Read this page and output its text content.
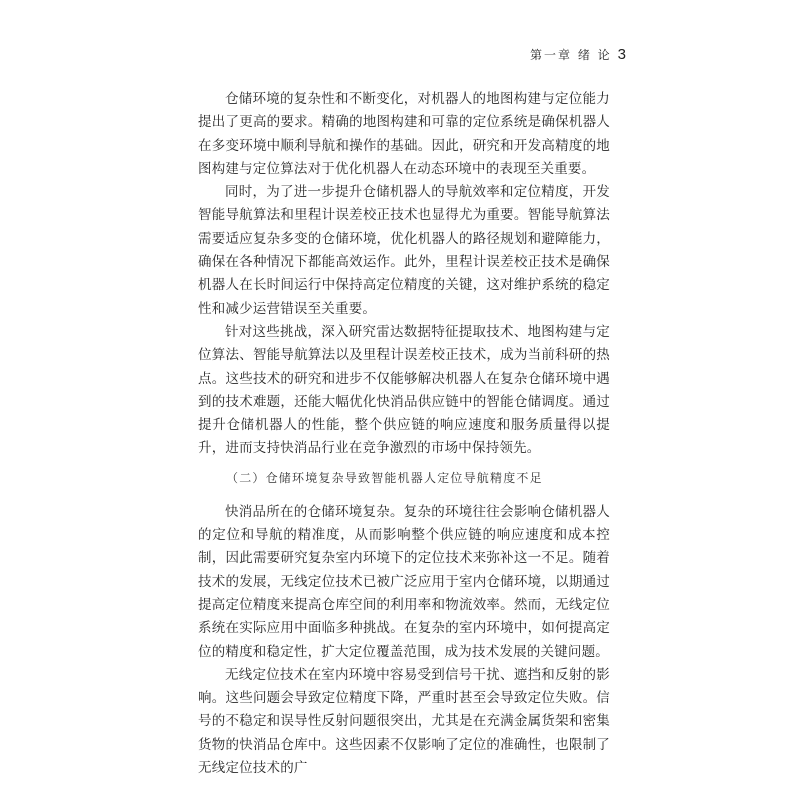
第一章 绪 论 3

仓储环境的复杂性和不断变化，对机器人的地图构建与定位能力提出了更高的要求。精确的地图构建和可靠的定位系统是确保机器人在多变环境中顺利导航和操作的基础。因此，研究和开发高精度的地图构建与定位算法对于优化机器人在动态环境中的表现至关重要。

同时，为了进一步提升仓储机器人的导航效率和定位精度，开发智能导航算法和里程计误差校正技术也显得尤为重要。智能导航算法需要适应复杂多变的仓储环境，优化机器人的路径规划和避障能力，确保在各种情况下都能高效运作。此外，里程计误差校正技术是确保机器人在长时间运行中保持高定位精度的关键，这对维护系统的稳定性和减少运营错误至关重要。

针对这些挑战，深入研究雷达数据特征提取技术、地图构建与定位算法、智能导航算法以及里程计误差校正技术，成为当前科研的热点。这些技术的研究和进步不仅能够解决机器人在复杂仓储环境中遇到的技术难题，还能大幅优化快消品供应链中的智能仓储调度。通过提升仓储机器人的性能，整个供应链的响应速度和服务质量得以提升，进而支持快消品行业在竞争激烈的市场中保持领先。

（二）仓储环境复杂导致智能机器人定位导航精度不足

快消品所在的仓储环境复杂。复杂的环境往往会影响仓储机器人的定位和导航的精准度，从而影响整个供应链的响应速度和成本控制，因此需要研究复杂室内环境下的定位技术来弥补这一不足。随着技术的发展，无线定位技术已被广泛应用于室内仓储环境，以期通过提高定位精度来提高仓库空间的利用率和物流效率。然而，无线定位系统在实际应用中面临多种挑战。在复杂的室内环境中，如何提高定位的精度和稳定性，扩大定位覆盖范围，成为技术发展的关键问题。

无线定位技术在室内环境中容易受到信号干扰、遮挡和反射的影响。这些问题会导致定位精度下降，严重时甚至会导致定位失败。信号的不稳定和误导性反射问题很突出，尤其是在充满金属货架和密集货物的快消品仓库中。这些因素不仅影响了定位的准确性，也限制了无线定位技术的广
